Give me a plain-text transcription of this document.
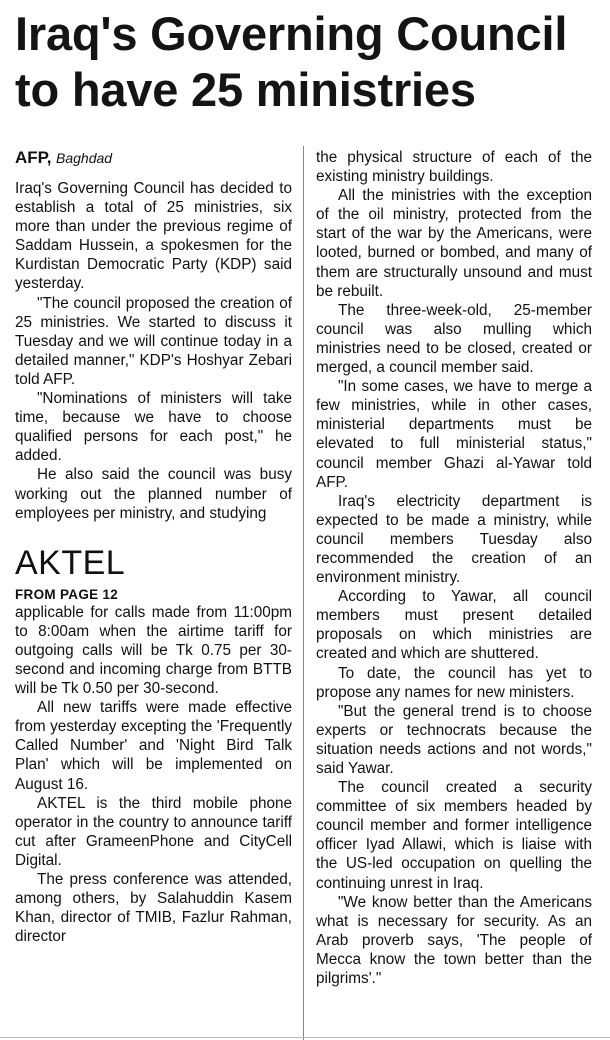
Iraq's Governing Council to have 25 ministries

AFP, Baghdad

Iraq's Governing Council has decided to establish a total of 25 ministries, six more than under the previous regime of Saddam Hussein, a spokesmen for the Kurdistan Democratic Party (KDP) said yesterday.

"The council proposed the creation of 25 ministries. We started to discuss it Tuesday and we will continue today in a detailed manner," KDP's Hoshyar Zebari told AFP.

"Nominations of ministers will take time, because we have to choose qualified persons for each post," he added.

He also said the council was busy working out the planned number of employees per ministry, and studying

AKTEL

FROM PAGE 12

applicable for calls made from 11:00pm to 8:00am when the airtime tariff for outgoing calls will be Tk 0.75 per 30-second and incoming charge from BTTB will be Tk 0.50 per 30-second.

All new tariffs were made effective from yesterday excepting the 'Frequently Called Number' and 'Night Bird Talk Plan' which will be implemented on August 16.

AKTEL is the third mobile phone operator in the country to announce tariff cut after GrameenPhone and CityCell Digital.

The press conference was attended, among others, by Salahuddin Kasem Khan, director of TMIB, Fazlur Rahman, director

the physical structure of each of the existing ministry buildings.

All the ministries with the exception of the oil ministry, protected from the start of the war by the Americans, were looted, burned or bombed, and many of them are structurally unsound and must be rebuilt.

The three-week-old, 25-member council was also mulling which ministries need to be closed, created or merged, a council member said.

"In some cases, we have to merge a few ministries, while in other cases, ministerial departments must be elevated to full ministerial status," council member Ghazi al-Yawar told AFP.

Iraq's electricity department is expected to be made a ministry, while council members Tuesday also recommended the creation of an environment ministry.

According to Yawar, all council members must present detailed proposals on which ministries are created and which are shuttered.

To date, the council has yet to propose any names for new ministers.

"But the general trend is to choose experts or technocrats because the situation needs actions and not words," said Yawar.

The council created a security committee of six members headed by council member and former intelligence officer Iyad Allawi, which is liaise with the US-led occupation on quelling the continuing unrest in Iraq.

"We know better than the Americans what is necessary for security. As an Arab proverb says, 'The people of Mecca know the town better than the pilgrims'."
